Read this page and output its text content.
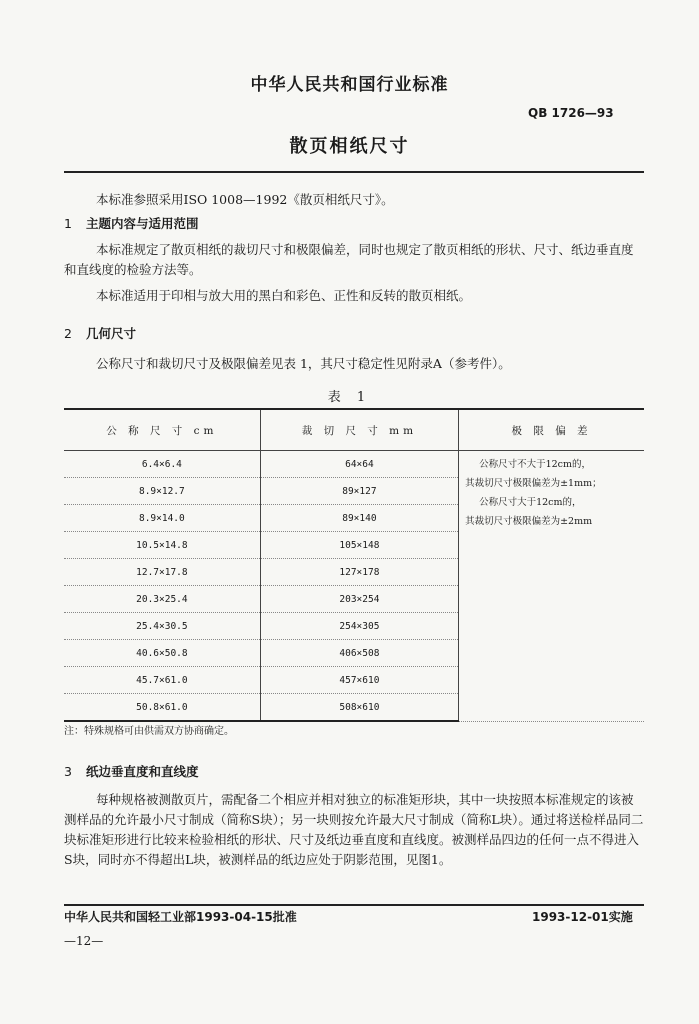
中华人民共和国行业标准
QB 1726—93
散页相纸尺寸
本标准参照采用ISO 1008—1992《散页相纸尺寸》。
1 主题内容与适用范围
本标准规定了散页相纸的裁切尺寸和极限偏差，同时也规定了散页相纸的形状、尺寸、纸边垂直度和直线度的检验方法等。
本标准适用于印相与放大用的黑白和彩色、正性和反转的散页相纸。
2 几何尺寸
公称尺寸和裁切尺寸及极限偏差见表 1，其尺寸稳定性见附录A（参考件）。
表 1
公 称 尺 寸 cm	裁 切 尺 寸 mm	极 限 偏 差
6.4×6.4	64×64	公称尺寸不大于12cm的，
其裁切尺寸极限偏差为±1mm；
公称尺寸大于12cm的，
其裁切尺寸极限偏差为±2mm

8.9×12.7	89×127	
8.9×14.0	89×140	
10.5×14.8	105×148	
12.7×17.8	127×178	
20.3×25.4	203×254	
25.4×30.5	254×305	
40.6×50.8	406×508	
45.7×61.0	457×610	
50.8×61.0	508×610	
注：特殊规格可由供需双方协商确定。
3 纸边垂直度和直线度
每种规格被测散页片，需配备二个相应并相对独立的标准矩形块，其中一块按照本标准规定的该被测样品的允许最小尺寸制成（简称S块）；另一块则按允许最大尺寸制成（简称L块）。通过将送检样品同二块标准矩形进行比较来检验相纸的形状、尺寸及纸边垂直度和直线度。被测样品四边的任何一点不得进入S块，同时亦不得超出L块，被测样品的纸边应处于阴影范围，见图1。
中华人民共和国轻工业部1993-04-15批准	1993-12-01实施
—12—
